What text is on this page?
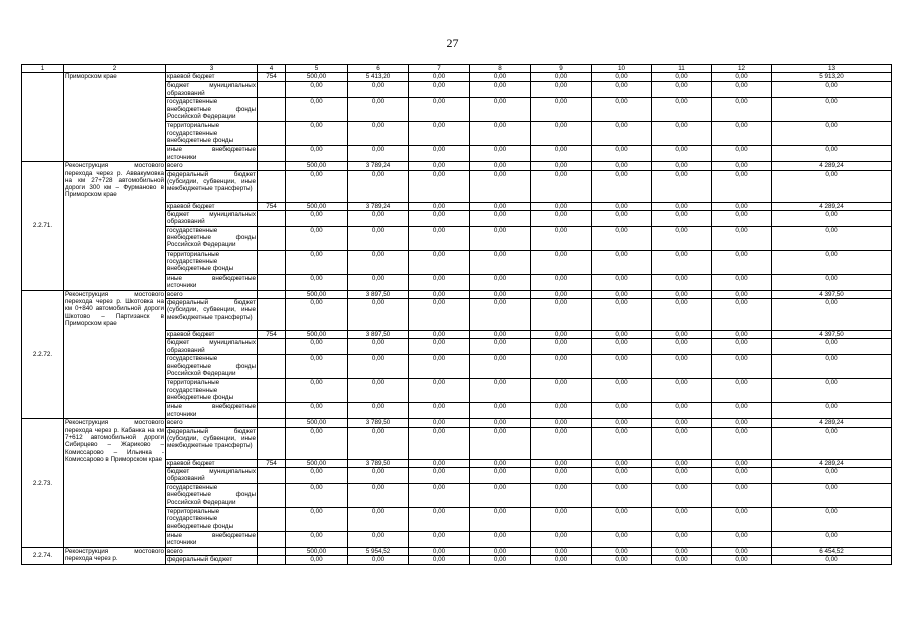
27
1	2	3	4	5	6	7	8	9	10	11	12	13
	Приморском крае	краевой бюджет	754	500,00	5 413,20	0,00	0,00	0,00	0,00	0,00	0,00	5 913,20
		бюджет муниципальных образований		0,00	0,00	0,00	0,00	0,00	0,00	0,00	0,00	0,00
		государственные внебюджетные фонды Российской Федерации		0,00	0,00	0,00	0,00	0,00	0,00	0,00	0,00	0,00
		территориальные государственные внебюджетные фонды		0,00	0,00	0,00	0,00	0,00	0,00	0,00	0,00	0,00
		иные внебюджетные источники		0,00	0,00	0,00	0,00	0,00	0,00	0,00	0,00	0,00
2.2.71.	Реконструкция мостового перехода через р. Аввакумовка на км 27+728 автомобильной дороги 300 км – Фурманово в Приморском крае	всего		500,00	3 789,24	0,00	0,00	0,00	0,00	0,00	0,00	4 289,24
		федеральный бюджет (субсидии, субвенции, иные межбюджетные трансферты)		0,00	0,00	0,00	0,00	0,00	0,00	0,00	0,00	0,00
		краевой бюджет	754	500,00	3 789,24	0,00	0,00	0,00	0,00	0,00	0,00	4 289,24
		бюджет муниципальных образований		0,00	0,00	0,00	0,00	0,00	0,00	0,00	0,00	0,00
		государственные внебюджетные фонды Российской Федерации		0,00	0,00	0,00	0,00	0,00	0,00	0,00	0,00	0,00
		территориальные государственные внебюджетные фонды		0,00	0,00	0,00	0,00	0,00	0,00	0,00	0,00	0,00
		иные внебюджетные источники		0,00	0,00	0,00	0,00	0,00	0,00	0,00	0,00	0,00
2.2.72.	Реконструкция мостового перехода через р. Шкотовка на км 0+840 автомобильной дороги Шкотово – Партизанск в Приморском крае	всего		500,00	3 897,50	0,00	0,00	0,00	0,00	0,00	0,00	4 397,50
		федеральный бюджет (субсидии, субвенции, иные межбюджетные трансферты)		0,00	0,00	0,00	0,00	0,00	0,00	0,00	0,00	0,00
		краевой бюджет	754	500,00	3 897,50	0,00	0,00	0,00	0,00	0,00	0,00	4 397,50
		бюджет муниципальных образований		0,00	0,00	0,00	0,00	0,00	0,00	0,00	0,00	0,00
		государственные внебюджетные фонды Российской Федерации		0,00	0,00	0,00	0,00	0,00	0,00	0,00	0,00	0,00
		территориальные государственные внебюджетные фонды		0,00	0,00	0,00	0,00	0,00	0,00	0,00	0,00	0,00
		иные внебюджетные источники		0,00	0,00	0,00	0,00	0,00	0,00	0,00	0,00	0,00
2.2.73.	Реконструкция мостового перехода через р. Кабанка на км 7+612 автомобильной дороги Сибирцево – Жариково – Комиссарово – Ильинка - Комиссарово в Приморском крае	всего		500,00	3 789,50	0,00	0,00	0,00	0,00	0,00	0,00	4 289,24
		федеральный бюджет (субсидии, субвенции, иные межбюджетные трансферты)		0,00	0,00	0,00	0,00	0,00	0,00	0,00	0,00	0,00
		краевой бюджет	754	500,00	3 789,50	0,00	0,00	0,00	0,00	0,00	0,00	4 289,24
		бюджет муниципальных образований		0,00	0,00	0,00	0,00	0,00	0,00	0,00	0,00	0,00
		государственные внебюджетные фонды Российской Федерации		0,00	0,00	0,00	0,00	0,00	0,00	0,00	0,00	0,00
		территориальные государственные внебюджетные фонды		0,00	0,00	0,00	0,00	0,00	0,00	0,00	0,00	0,00
		иные внебюджетные источники		0,00	0,00	0,00	0,00	0,00	0,00	0,00	0,00	0,00
2.2.74.	Реконструкция мостового перехода через р.	всего		500,00	5 954,52	0,00	0,00	0,00	0,00	0,00	0,00	6 454,52
		федеральный бюджет		0,00	0,00	0,00	0,00	0,00	0,00	0,00	0,00	0,00
